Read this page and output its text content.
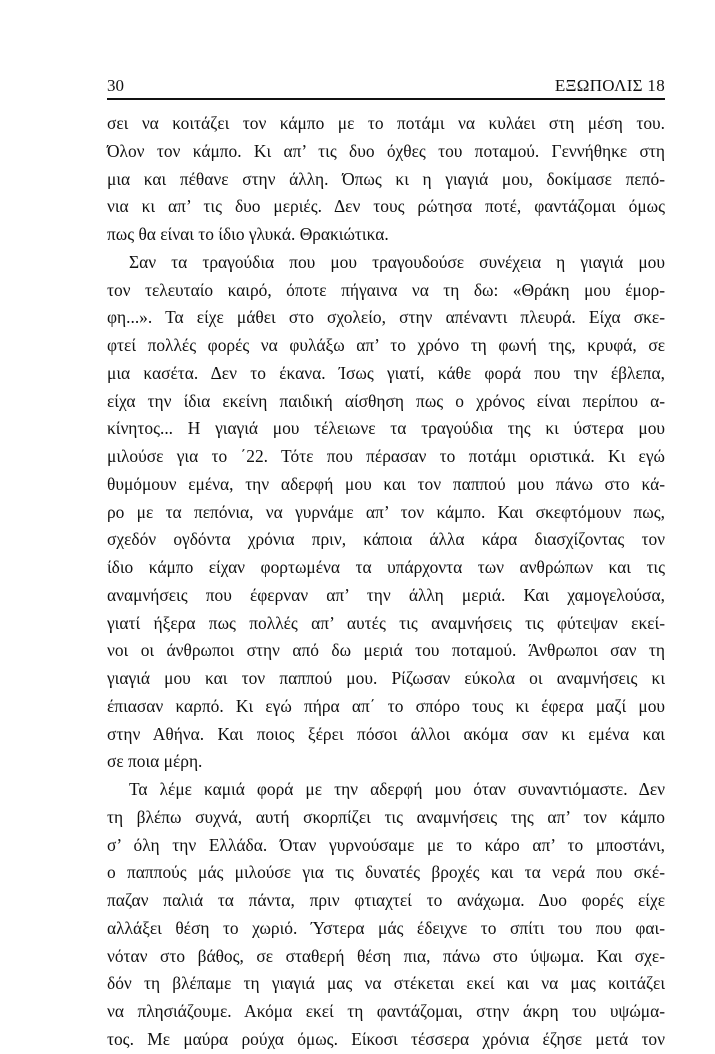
30	ΕΞΩΠΟΛΙΣ 18
σει να κοιτάζει τον κάμπο με το ποτάμι να κυλάει στη μέση του.
Όλον τον κάμπο. Κι απ’ τις δυο όχθες του ποταμού. Γεννήθηκε στη
μια και πέθανε στην άλλη. Όπως κι η γιαγιά μου, δοκίμασε πεπό-
νια κι απ’ τις δυο μεριές. Δεν τους ρώτησα ποτέ, φαντάζομαι όμως
πως θα είναι το ίδιο γλυκά. Θρακιώτικα.
Σαν τα τραγούδια που μου τραγουδούσε συνέχεια η γιαγιά μου
τον τελευταίο καιρό, όποτε πήγαινα να τη δω: «Θράκη μου έμορ-
φη...». Τα είχε μάθει στο σχολείο, στην απέναντι πλευρά. Είχα σκε-
φτεί πολλές φορές να φυλάξω απ’ το χρόνο τη φωνή της, κρυφά, σε
μια κασέτα. Δεν το έκανα. Ίσως γιατί, κάθε φορά που την έβλεπα,
είχα την ίδια εκείνη παιδική αίσθηση πως ο χρόνος είναι περίπου α-
κίνητος... Η γιαγιά μου τέλειωνε τα τραγούδια της κι ύστερα μου
μιλούσε για το ΄22. Τότε που πέρασαν το ποτάμι οριστικά. Κι εγώ
θυμόμουν εμένα, την αδερφή μου και τον παππού μου πάνω στο κά-
ρο με τα πεπόνια, να γυρνάμε απ’ τον κάμπο. Και σκεφτόμουν πως,
σχεδόν ογδόντα χρόνια πριν, κάποια άλλα κάρα διασχίζοντας τον
ίδιο κάμπο είχαν φορτωμένα τα υπάρχοντα των ανθρώπων και τις
αναμνήσεις που έφερναν απ’ την άλλη μεριά. Και χαμογελούσα,
γιατί ήξερα πως πολλές απ’ αυτές τις αναμνήσεις τις φύτεψαν εκεί-
νοι οι άνθρωποι στην από δω μεριά του ποταμού. Άνθρωποι σαν τη
γιαγιά μου και τον παππού μου. Ρίζωσαν εύκολα οι αναμνήσεις κι
έπιασαν καρπό. Κι εγώ πήρα απ΄ το σπόρο τους κι έφερα μαζί μου
στην Αθήνα. Και ποιος ξέρει πόσοι άλλοι ακόμα σαν κι εμένα και
σε ποια μέρη.
Τα λέμε καμιά φορά με την αδερφή μου όταν συναντιόμαστε. Δεν
τη βλέπω συχνά, αυτή σκορπίζει τις αναμνήσεις της απ’ τον κάμπο
σ’ όλη την Ελλάδα. Όταν γυρνούσαμε με το κάρο απ’ το μποστάνι,
ο παππούς μάς μιλούσε για τις δυνατές βροχές και τα νερά που σκέ-
παζαν παλιά τα πάντα, πριν φτιαχτεί το ανάχωμα. Δυο φορές είχε
αλλάξει θέση το χωριό. Ύστερα μάς έδειχνε το σπίτι του που φαι-
νόταν στο βάθος, σε σταθερή θέση πια, πάνω στο ύψωμα. Και σχε-
δόν τη βλέπαμε τη γιαγιά μας να στέκεται εκεί και να μας κοιτάζει
να πλησιάζουμε. Ακόμα εκεί τη φαντάζομαι, στην άκρη του υψώμα-
τος. Με μαύρα ρούχα όμως. Είκοσι τέσσερα χρόνια έζησε μετά τον
